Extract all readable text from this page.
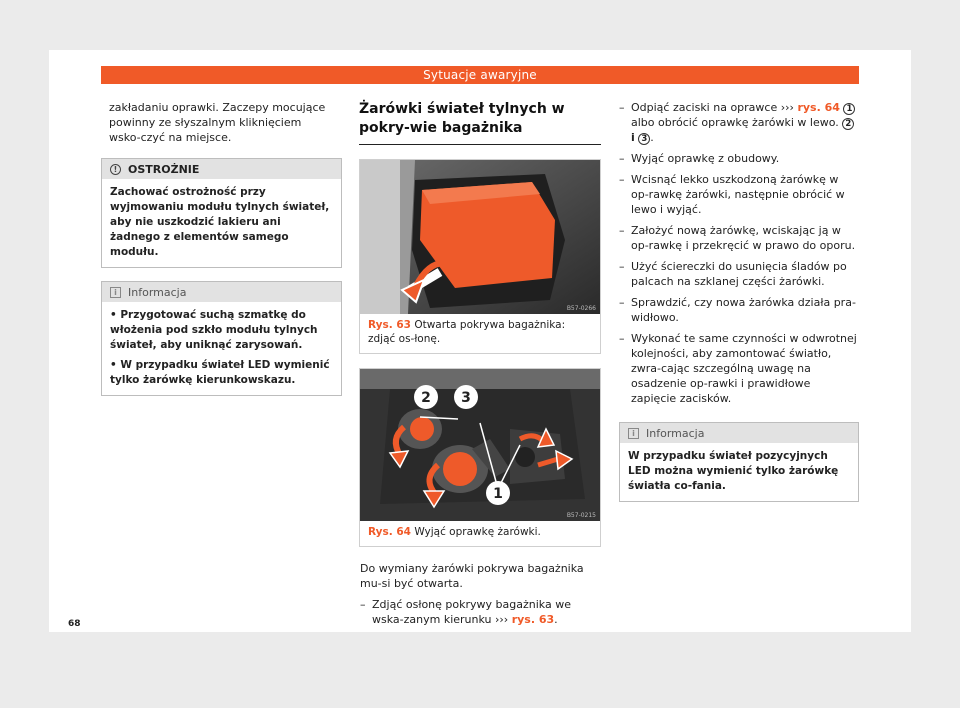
Sytuacje awaryjne

zakładaniu oprawki. Zaczepy mocujące powinny ze słyszalnym kliknięciem wsko-czyć na miejsce.

! OSTROŻNIE

Zachować ostrożność przy wyjmowaniu modułu tylnych świateł, aby nie uszkodzić lakieru ani żadnego z elementów samego modułu.

i	Informacja

• Przygotować suchą szmatkę do włożenia pod szkło modułu tylnych świateł, aby uniknąć zarysowań.

• W przypadku świateł LED wymienić tylko żarówkę kierunkowskazu.

Żarówki świateł tylnych w pokry-wie bagażnika
B57-0266
Rys. 63 Otwarta pokrywa bagażnika: zdjąć os-łonę.
2 3
1
B57-0215
Rys. 64 Wyjąć oprawkę żarówki.

Do wymiany żarówki pokrywa bagażnika mu-si być otwarta.

– Zdjąć osłonę pokrywy bagażnika we wska-zanym kierunku ››› rys. 63.
– Odpiąć zaciski na oprawce ››› rys. 64 1 albo obrócić oprawkę żarówki w lewo. 2 i 3 .
– Wyjąć oprawkę z obudowy.
– Wcisnąć lekko uszkodzoną żarówkę w op-rawkę żarówki, następnie obrócić w lewo i wyjąć.
– Założyć nową żarówkę, wciskając ją w op-rawkę i przekręcić w prawo do oporu.
– Użyć ściereczki do usunięcia śladów po palcach na szklanej części żarówki.
– Sprawdzić, czy nowa żarówka działa pra-widłowo.
– Wykonać te same czynności w odwrotnej kolejności, aby zamontować światło, zwra-cając szczególną uwagę na osadzenie op-rawki i prawidłowe zapięcie zacisków.
i	Informacja

W przypadku świateł pozycyjnych LED można wymienić tylko żarówkę światła co-fania.

68
